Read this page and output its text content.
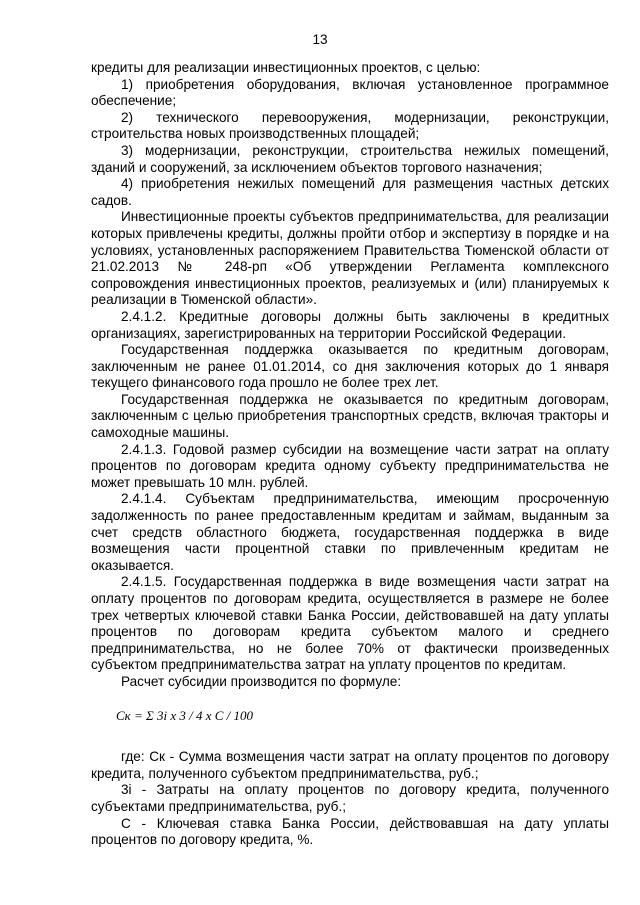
13

кредиты для реализации инвестиционных проектов, с целью:

1) приобретения оборудования, включая установленное программное обеспечение;

2) технического перевооружения, модернизации, реконструкции, строительства новых производственных площадей;

3) модернизации, реконструкции, строительства нежилых помещений, зданий и сооружений, за исключением объектов торгового назначения;

4) приобретения нежилых помещений для размещения частных детских садов.

Инвестиционные проекты субъектов предпринимательства, для реализации которых привлечены кредиты, должны пройти отбор и экспертизу в порядке и на условиях, установленных распоряжением Правительства Тюменской области от 21.02.2013 № 248-рп «Об утверждении Регламента комплексного сопровождения инвестиционных проектов, реализуемых и (или) планируемых к реализации в Тюменской области».

2.4.1.2. Кредитные договоры должны быть заключены в кредитных организациях, зарегистрированных на территории Российской Федерации.

Государственная поддержка оказывается по кредитным договорам, заключенным не ранее 01.01.2014, со дня заключения которых до 1 января текущего финансового года прошло не более трех лет.

Государственная поддержка не оказывается по кредитным договорам, заключенным с целью приобретения транспортных средств, включая тракторы и самоходные машины.

2.4.1.3. Годовой размер субсидии на возмещение части затрат на оплату процентов по договорам кредита одному субъекту предпринимательства не может превышать 10 млн. рублей.

2.4.1.4. Субъектам предпринимательства, имеющим просроченную задолженность по ранее предоставленным кредитам и займам, выданным за счет средств областного бюджета, государственная поддержка в виде возмещения части процентной ставки по привлеченным кредитам не оказывается.

2.4.1.5. Государственная поддержка в виде возмещения части затрат на оплату процентов по договорам кредита, осуществляется в размере не более трех четвертых ключевой ставки Банка России, действовавшей на дату уплаты процентов по договорам кредита субъектом малого и среднего предпринимательства, но не более 70% от фактически произведенных субъектом предпринимательства затрат на уплату процентов по кредитам.

Расчет субсидии производится по формуле:

Ск = Σ 3i x 3 / 4 x C / 100

где: Ск - Сумма возмещения части затрат на оплату процентов по договору кредита, полученного субъектом предпринимательства, руб.;

3i - Затраты на оплату процентов по договору кредита, полученного субъектами предпринимательства, руб.;

С - Ключевая ставка Банка России, действовавшая на дату уплаты процентов по договору кредита, %.
